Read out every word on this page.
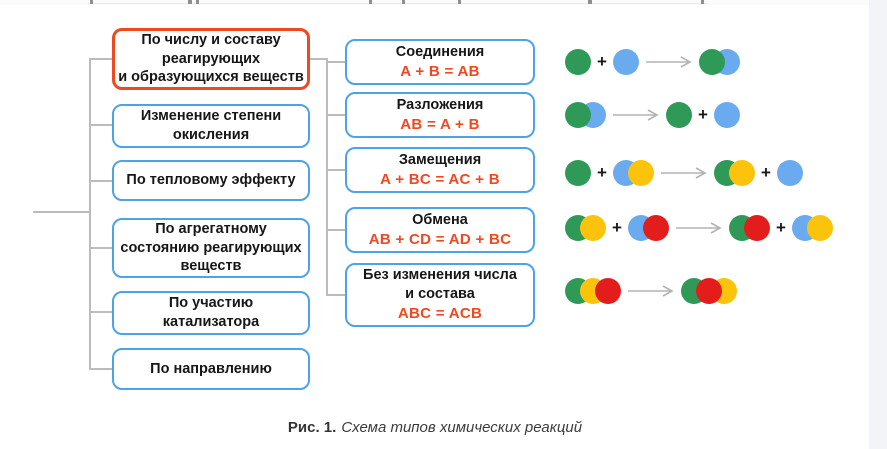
По числу и составу
реагирующих
и образующихся веществ
Изменение степени
окисления
По тепловому эффекту
По агрегатному
состоянию реагирующих
веществ
По участию
катализатора
По направлению
Соединения
A + B = AB
Разложения
AB = A + B
Замещения
A + BC = AC + B
Обмена
AB + CD = AD + BC
Без изменения числа
и состава
ABC = ACB
+
+
+	+
+	+
Рис. 1. Схема типов химических реакций
